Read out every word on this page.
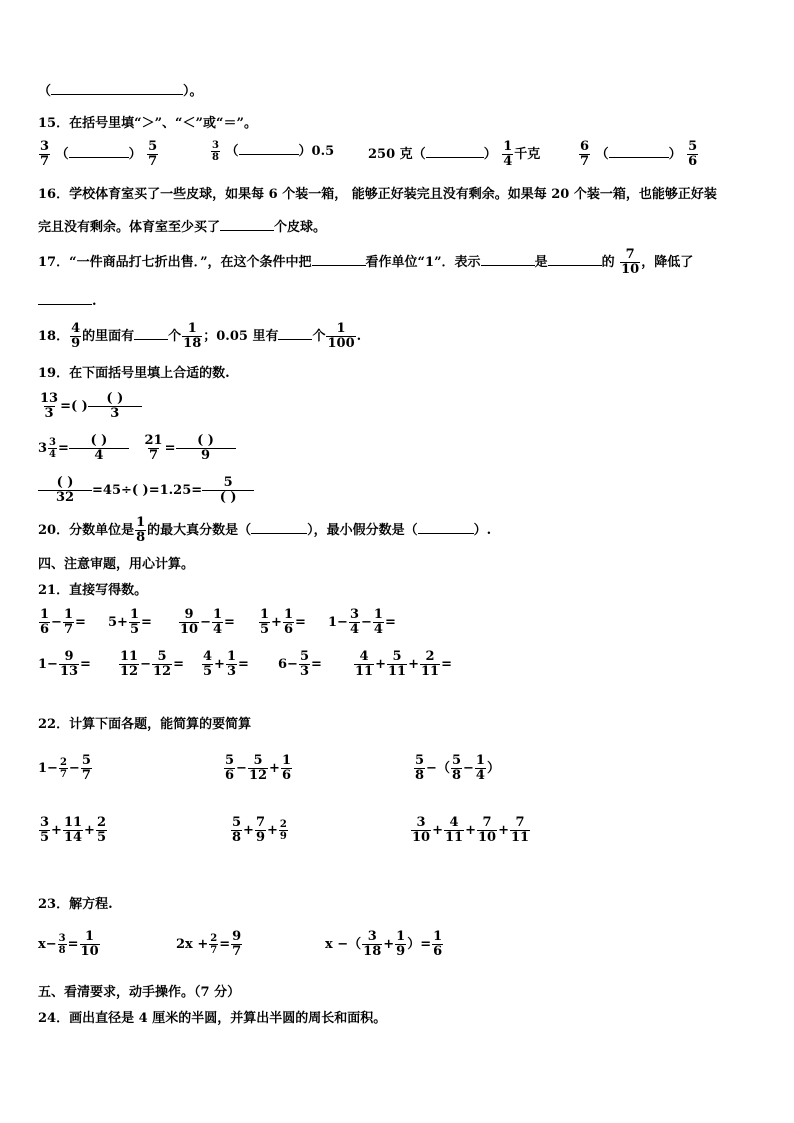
（	）。
15．在括号里填“＞”、“＜”或“＝”。
$\frac{3}{7}$ （	） $\frac{5}{7}$	$\frac{3}{8}$ （	）0.5	250 克（	） $\frac{1}{4}$ 千克	$\frac{6}{7}$ （	） $\frac{5}{6}$
16．学校体育室买了一些皮球，如果每 6 个装一箱， 能够正好装完且没有剩余。如果每 20 个装一箱，也能够正好装
完且没有剩余。体育室至少买了	个皮球。
17．“一件商品打七折出售．”，在这个条件中把	看作单位“1”．表示	是	的 $\frac{7}{10}$ ，降低了
.
18． $\frac{4}{9}$ 的里面有	个 $\frac{1}{18}$ ；0.05 里有	个 $\frac{1}{100}$ .
19．在下面括号里填上合适的数.
$\frac{13}{3}$ =( ) $\frac{( )}{3}$
$3 \frac{3}{4} = \frac{( )}{4}$
$\frac{21}{7} = \frac{( )}{9}$
$\frac{( )}{32} =45\div$( )$=1.25= \frac{5}{( )}$
20．分数单位是 $\frac{1}{8}$ 的最大真分数是（	），最小假分数是（	）.
四、注意审题，用心计算。
21．直接写得数。
$\frac{1}{6} - \frac{1}{7} = 5+ \frac{1}{5} = \frac{9}{10} - \frac{1}{4} = \frac{1}{5} + \frac{1}{6} = 1- \frac{3}{4} - \frac{1}{4}$ =
$1- \frac{9}{13} = \frac{11}{12} - \frac{5}{12} = \frac{4}{5} + \frac{1}{3} = 6- \frac{5}{3} = \frac{4}{11} + \frac{5}{11} + \frac{2}{11}$ =
22．计算下面各题，能简算的要简算
$1- \frac{2}{7} - \frac{5}{7}$	$\frac{5}{6} - \frac{5}{12} + \frac{1}{6}$	$\frac{5}{8}$ −（ $\frac{5}{8} - \frac{1}{4}$ ）
$\frac{3}{5} + \frac{11}{14} + \frac{2}{5}$	$\frac{5}{8} + \frac{7}{9} + \frac{2}{9}$	$\frac{3}{10} + \frac{4}{11} + \frac{7}{10} + \frac{7}{11}$
23．解方程.
$x- \frac{3}{8} = \frac{1}{10}$	$2x + \frac{2}{7} = \frac{9}{7}$	x −（ $\frac{3}{18} + \frac{1}{9}$ ）= $\frac{1}{6}$
五、看清要求，动手操作。（7 分）
24．画出直径是 4 厘米的半圆，并算出半圆的周长和面积。
